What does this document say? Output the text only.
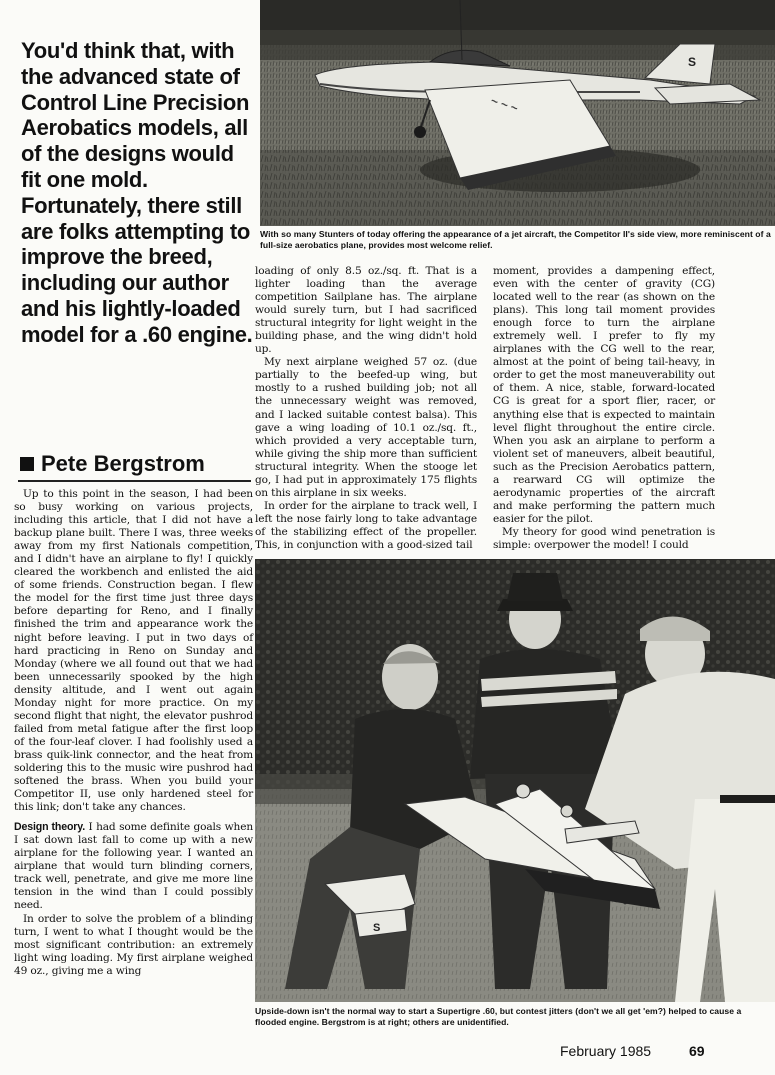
S
~ ~ ~
With so many Stunters of today offering the appearance of a jet aircraft, the Competitor II's side view, more reminiscent of a full-size aerobatics plane, provides most welcome relief.
You'd think that, with the advanced state of Control Line Precision Aerobatics models, all of the designs would fit one mold. Fortunately, there still are folks attempting to improve the breed, including our author and his lightly-loaded model for a .60 engine.
Pete Bergstrom

Up to this point in the season, I had been so busy working on various projects, including this article, that I did not have a backup plane built. There I was, three weeks away from my first Nationals competition, and I didn't have an airplane to fly! I quickly cleared the workbench and enlisted the aid of some friends. Construction began. I flew the model for the first time just three days before departing for Reno, and I finally finished the trim and appearance work the night before leaving. I put in two days of hard practicing in Reno on Sunday and Monday (where we all found out that we had been unnecessarily spooked by the high density altitude, and I went out again Monday night for more practice. On my second flight that night, the elevator pushrod failed from metal fatigue after the first loop of the four-leaf clover. I had foolishly used a brass quik-link connector, and the heat from soldering this to the music wire pushrod had softened the brass. When you build your Competitor II, use only hardened steel for this link; don't take any chances.

Design theory. I had some definite goals when I sat down last fall to come up with a new airplane for the following year. I wanted an airplane that would turn blinding corners, track well, penetrate, and give me more line tension in the wind than I could possibly need.

In order to solve the problem of a blinding turn, I went to what I thought would be the most significant contribution: an extremely light wing loading. My first airplane weighed 49 oz., giving me a wing

loading of only 8.5 oz./sq. ft. That is a lighter loading than the average competition Sailplane has. The airplane would surely turn, but I had sacrificed structural integrity for light weight in the building phase, and the wing didn't hold up.

My next airplane weighed 57 oz. (due partially to the beefed-up wing, but mostly to a rushed building job; not all the unnecessary weight was removed, and I lacked suitable contest balsa). This gave a wing loading of 10.1 oz./sq. ft., which provided a very acceptable turn, while giving the ship more than sufficient structural integrity. When the stooge let go, I had put in approximately 175 flights on this airplane in six weeks.

In order for the airplane to track well, I left the nose fairly long to take advantage of the stabilizing effect of the propeller. This, in conjunction with a good-sized tail

moment, provides a dampening effect, even with the center of gravity (CG) located well to the rear (as shown on the plans). This long tail moment provides enough force to turn the airplane extremely well. I prefer to fly my airplanes with the CG well to the rear, almost at the point of being tail-heavy, in order to get the most maneuverability out of them. A nice, stable, forward-located CG is great for a sport flier, racer, or anything else that is expected to maintain level flight throughout the entire circle. When you ask an airplane to perform a violent set of maneuvers, albeit beautiful, such as the Precision Aerobatics pattern, a rearward CG will optimize the aerodynamic properties of the aircraft and make performing the pattern much easier for the pilot.

My theory for good wind penetration is simple: overpower the model! I could

S
Upside-down isn't the normal way to start a Supertigre .60, but contest jitters (don't we all get 'em?) helped to cause a flooded engine. Bergstrom is at right; others are unidentified.
February 1985	69
